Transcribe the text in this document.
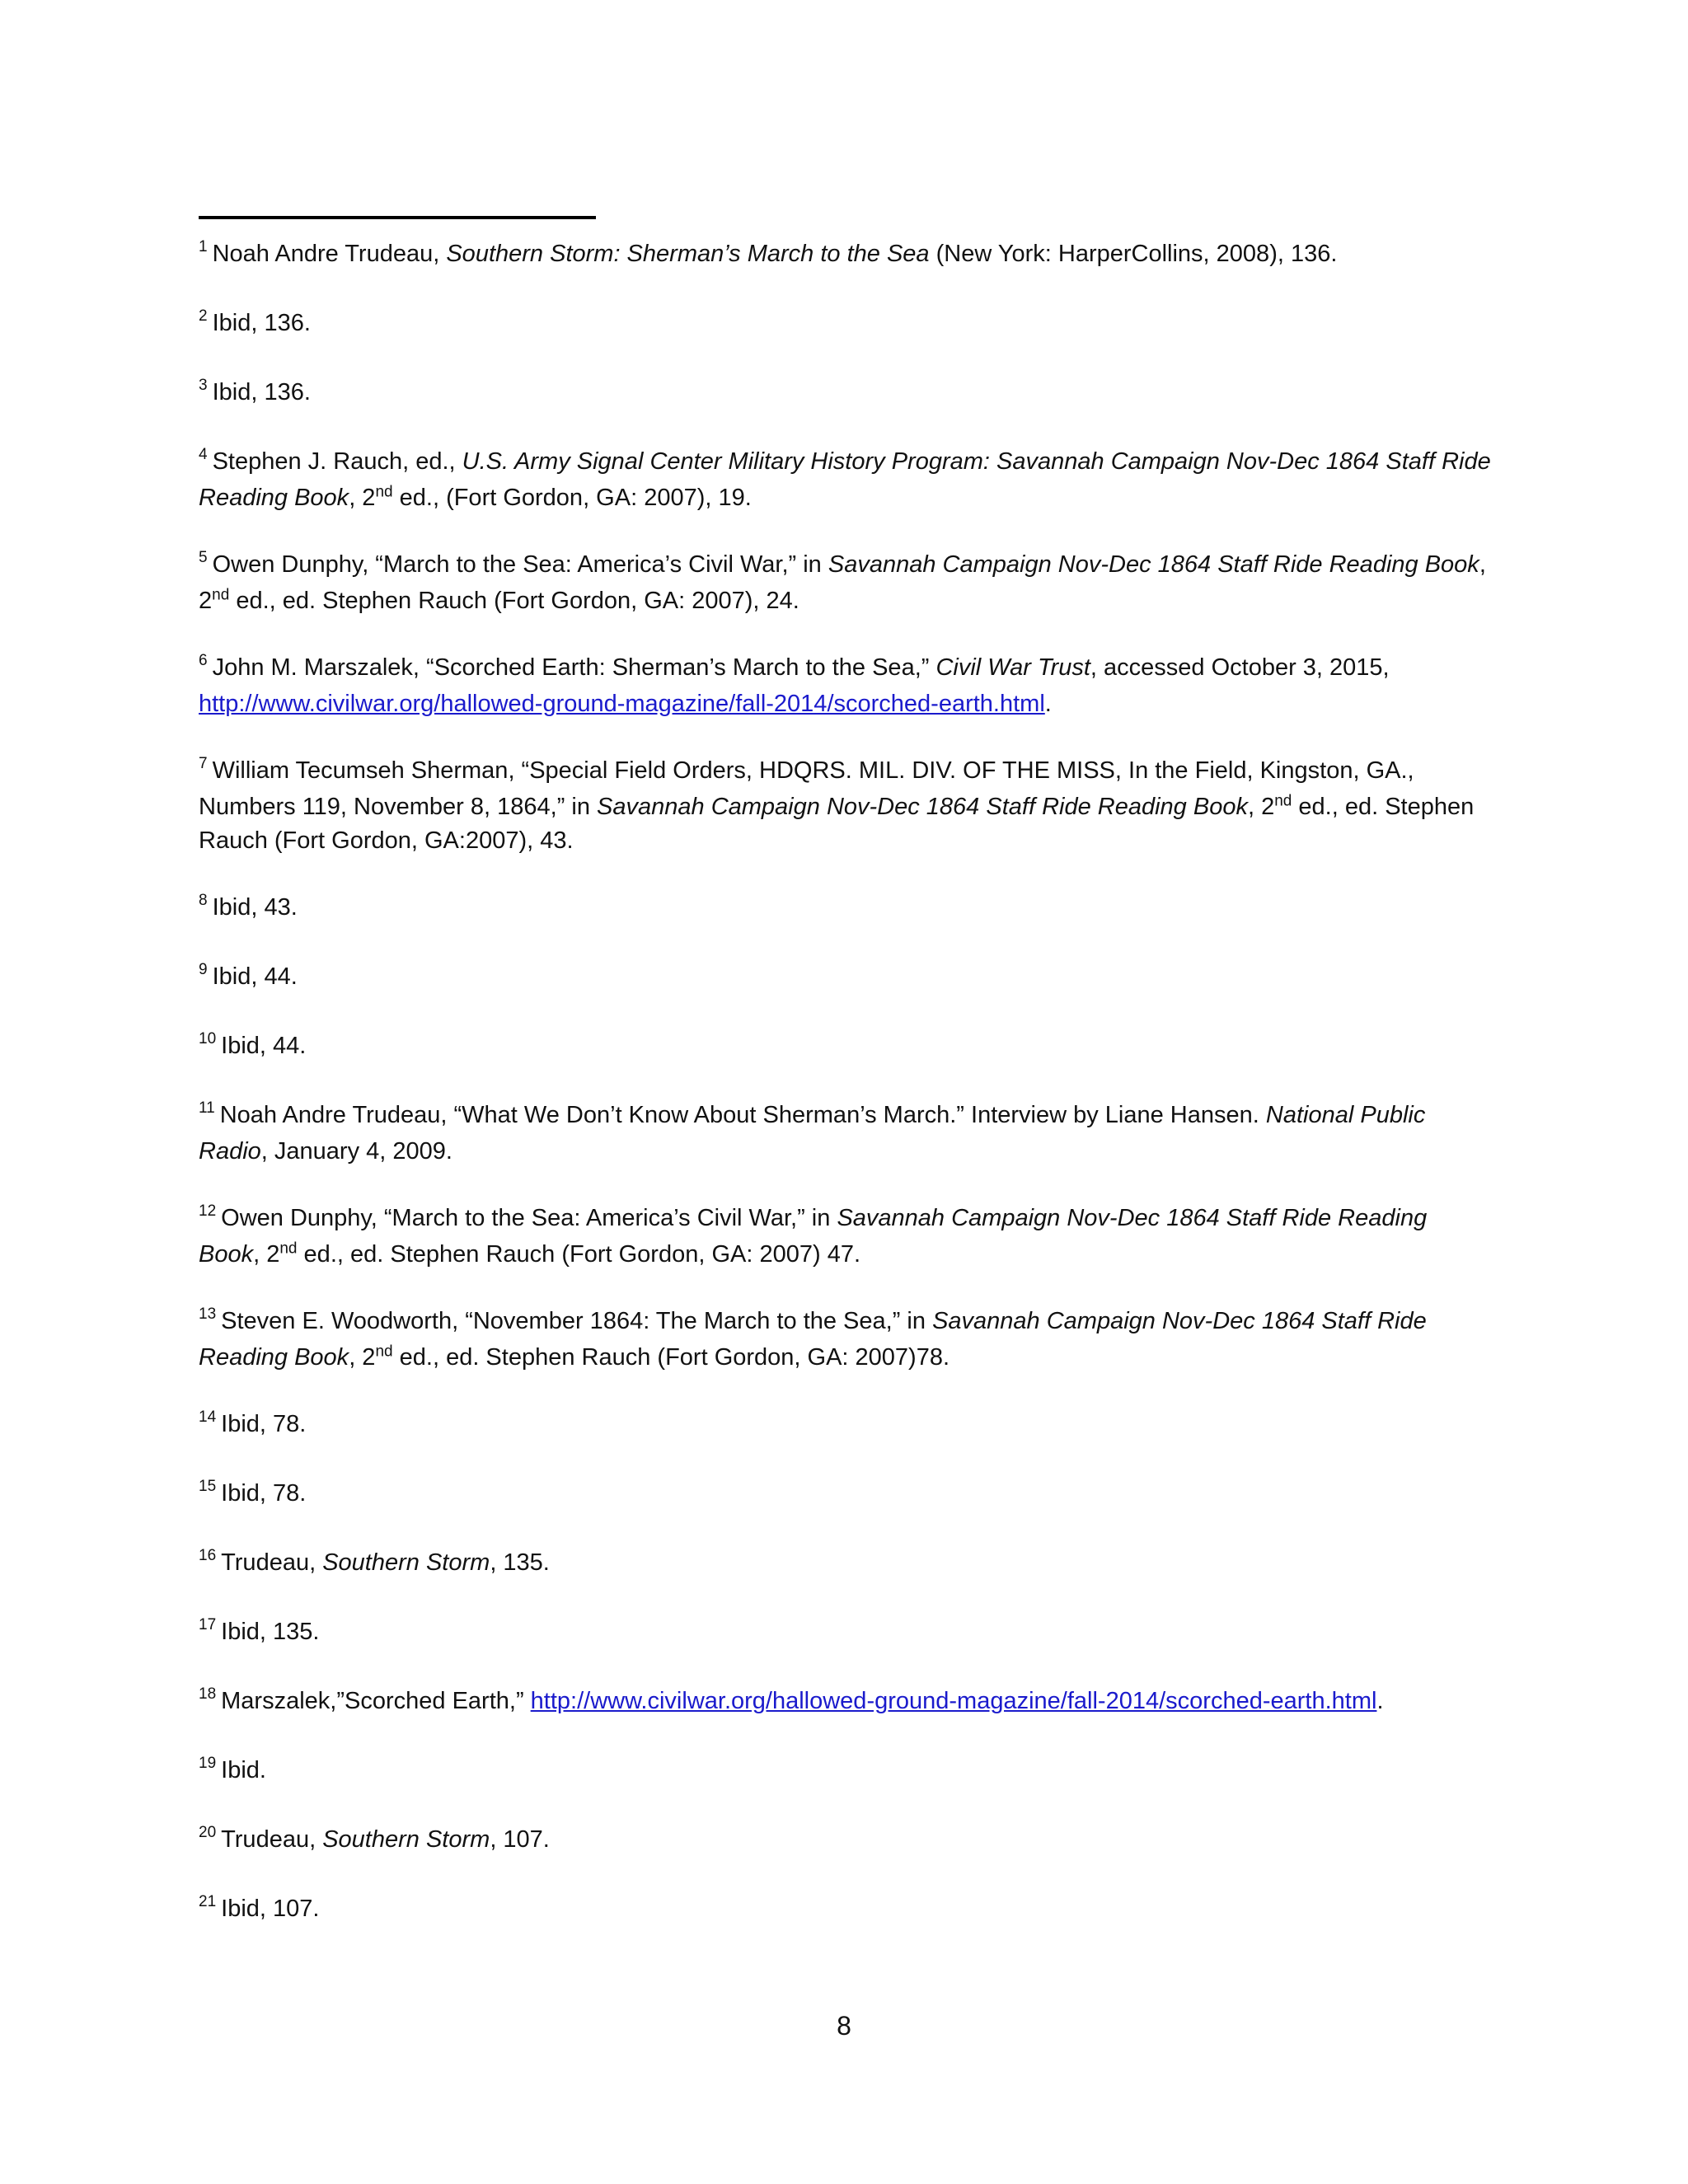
$^1$ Noah Andre Trudeau, Southern Storm: Sherman’s March to the Sea (New York: HarperCollins, 2008), 136.
$^2$ Ibid, 136.
$^3$ Ibid, 136.
$^4$ Stephen J. Rauch, ed., U.S. Army Signal Center Military History Program: Savannah Campaign Nov-Dec 1864 Staff Ride Reading Book, 2nd ed., (Fort Gordon, GA: 2007), 19.
$^5$ Owen Dunphy, “March to the Sea: America’s Civil War,” in Savannah Campaign Nov-Dec 1864 Staff Ride Reading Book, 2nd ed., ed. Stephen Rauch (Fort Gordon, GA: 2007), 24.
$^6$ John M. Marszalek, “Scorched Earth: Sherman’s March to the Sea,” Civil War Trust, accessed October 3, 2015, http://www.civilwar.org/hallowed-ground-magazine/fall-2014/scorched-earth.html.
$^7$ William Tecumseh Sherman, “Special Field Orders, HDQRS. MIL. DIV. OF THE MISS, In the Field, Kingston, GA., Numbers 119, November 8, 1864,” in Savannah Campaign Nov-Dec 1864 Staff Ride Reading Book, 2nd ed., ed. Stephen Rauch (Fort Gordon, GA:2007), 43.
$^8$ Ibid, 43.
$^9$ Ibid, 44.
$^{10}$ Ibid, 44.
$^{11}$ Noah Andre Trudeau, “What We Don’t Know About Sherman’s March.” Interview by Liane Hansen. National Public Radio, January 4, 2009.
$^{12}$ Owen Dunphy, “March to the Sea: America’s Civil War,” in Savannah Campaign Nov-Dec 1864 Staff Ride Reading Book, 2nd ed., ed. Stephen Rauch (Fort Gordon, GA: 2007) 47.
$^{13}$ Steven E. Woodworth, “November 1864: The March to the Sea,” in Savannah Campaign Nov-Dec 1864 Staff Ride Reading Book, 2nd ed., ed. Stephen Rauch (Fort Gordon, GA: 2007)78.
$^{14}$ Ibid, 78.
$^{15}$ Ibid, 78.
$^{16}$ Trudeau, Southern Storm, 135.
$^{17}$ Ibid, 135.
$^{18}$ Marszalek,”Scorched Earth,” http://www.civilwar.org/hallowed-ground-magazine/fall-2014/scorched-earth.html.
$^{19}$ Ibid.
$^{20}$ Trudeau, Southern Storm, 107.
$^{21}$ Ibid, 107.
8
